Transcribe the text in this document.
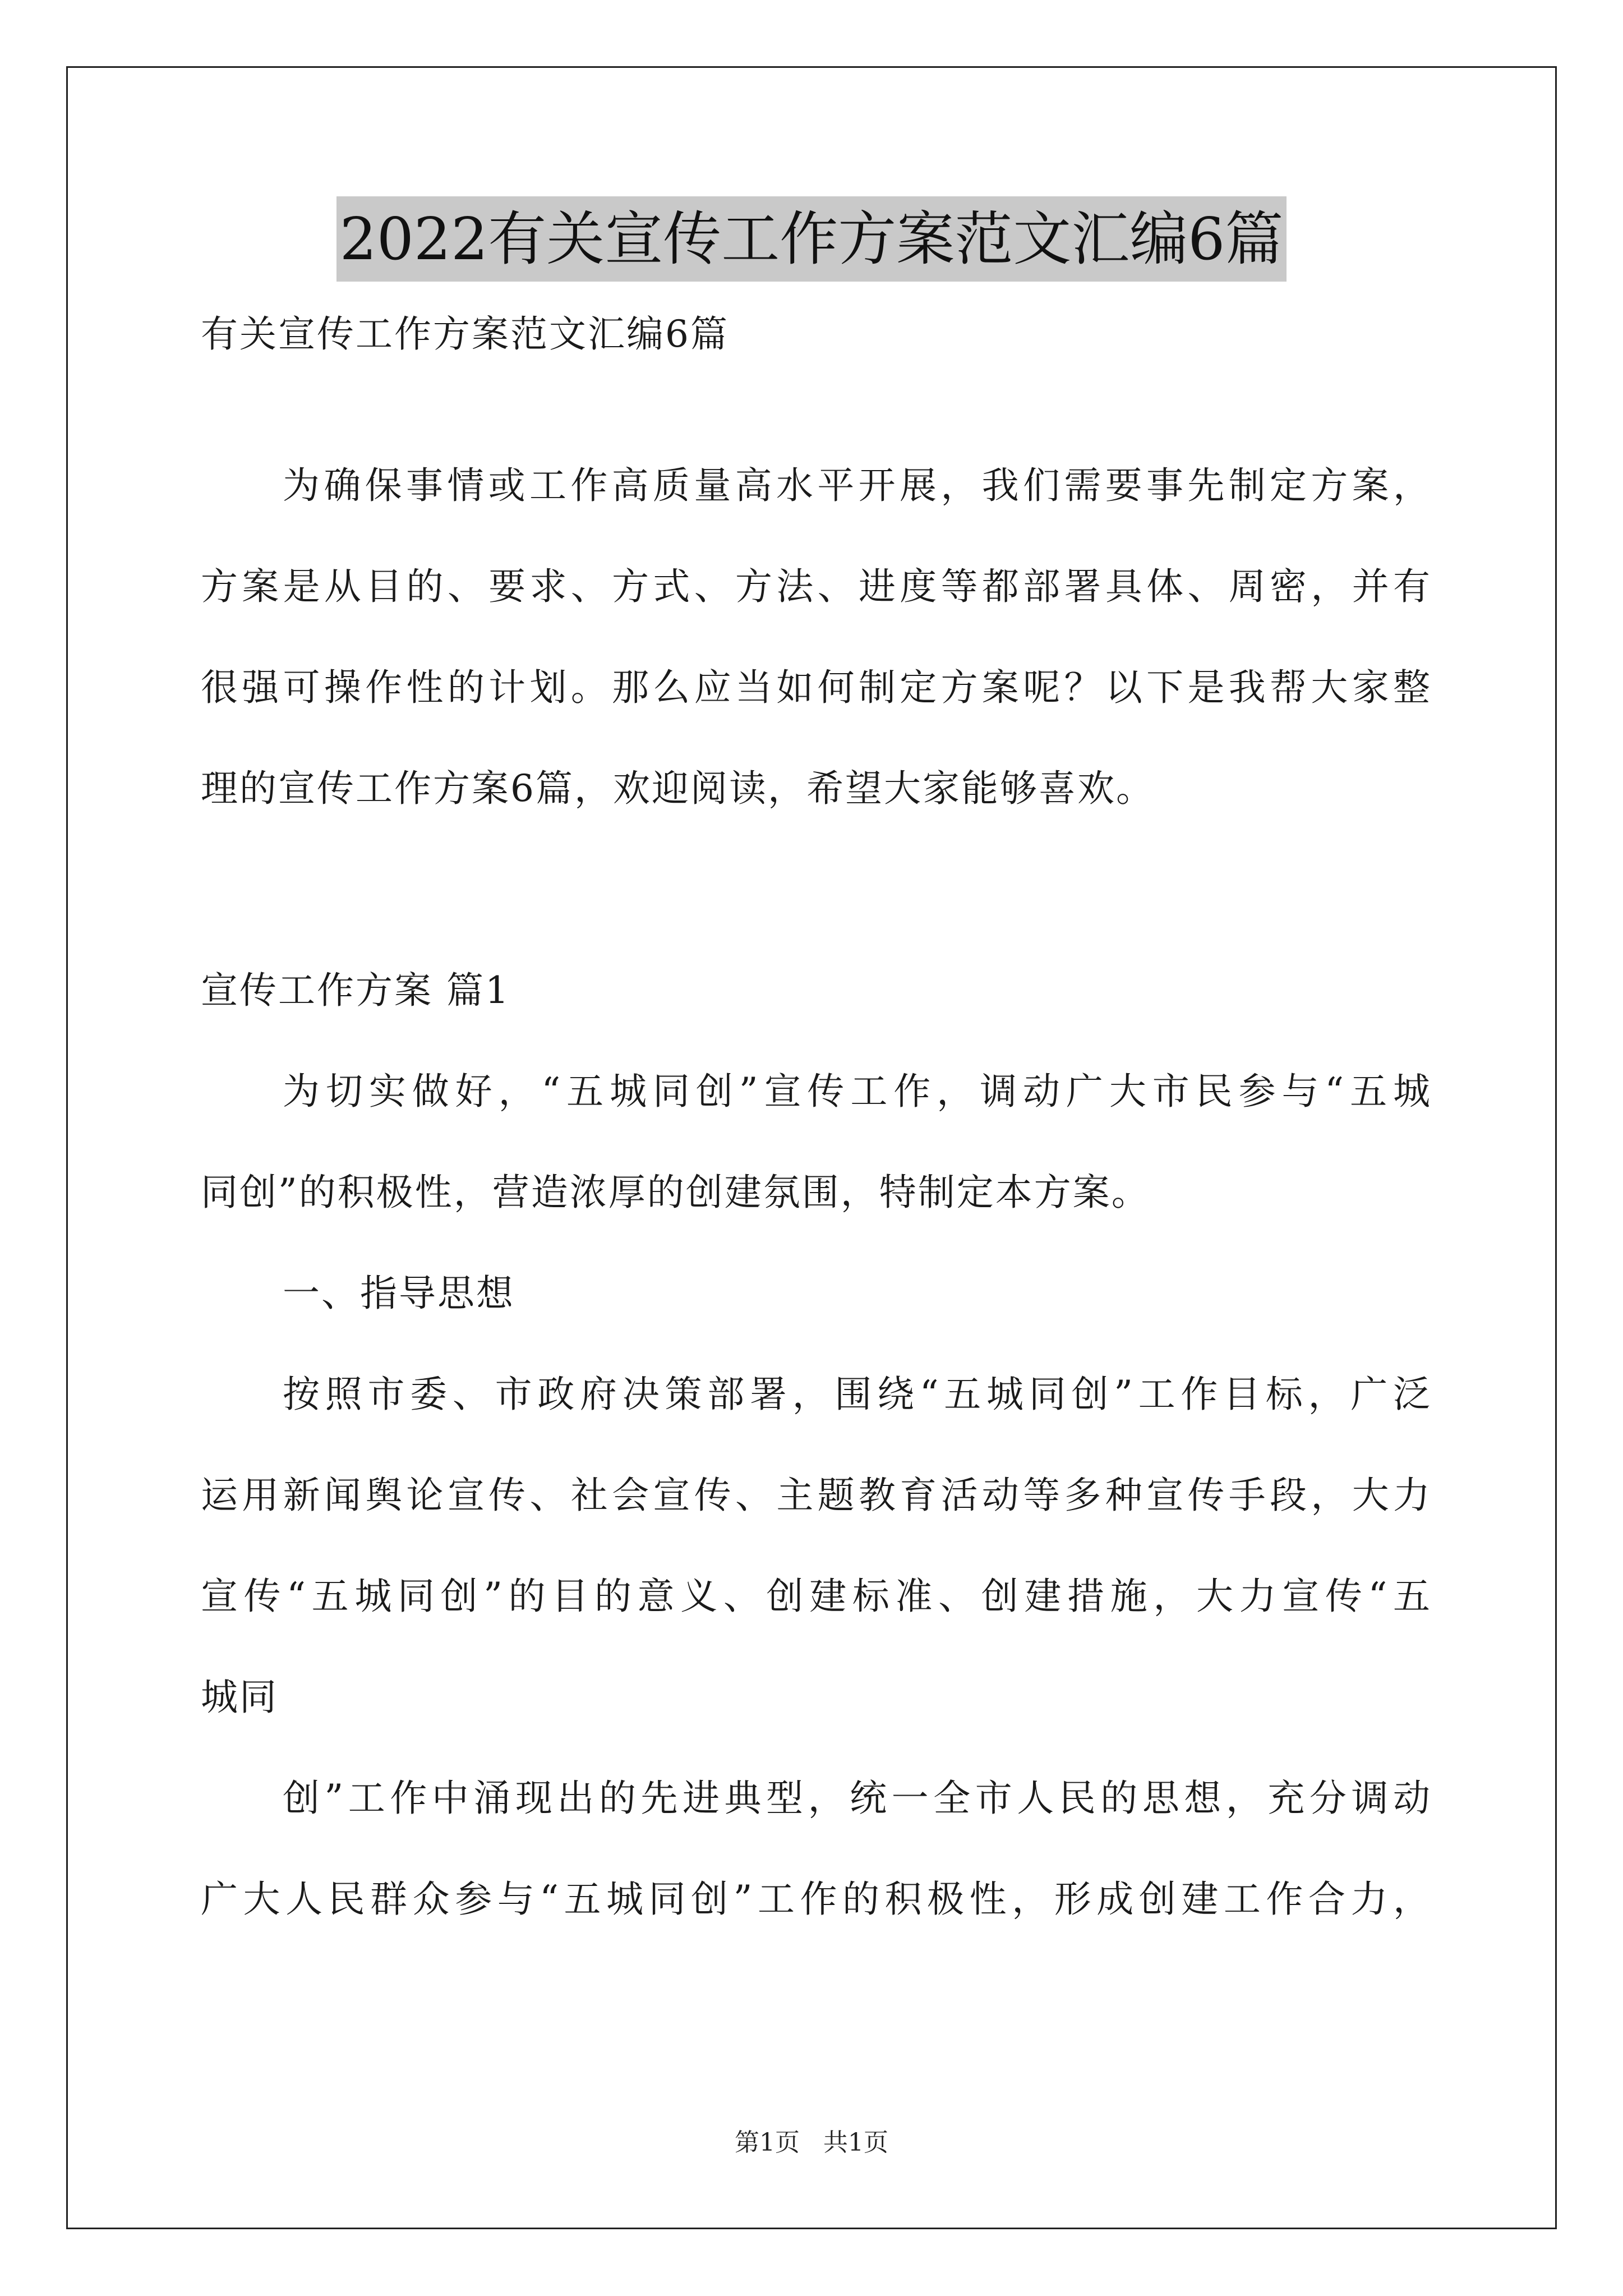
2022有关宣传工作方案范文汇编6篇
有关宣传工作方案范文汇编6篇
为确保事情或工作高质量高水平开展，我们需要事先制定方案，
方案是从目的、要求、方式、方法、进度等都部署具体、周密，并有
很强可操作性的计划。那么应当如何制定方案呢？以下是我帮大家整
理的宣传工作方案6篇，欢迎阅读，希望大家能够喜欢。
宣传工作方案 篇1
为切实做好，“五城同创”宣传工作，调动广大市民参与“五城
同创”的积极性，营造浓厚的创建氛围，特制定本方案。
一、指导思想
按照市委、市政府决策部署，围绕“五城同创”工作目标，广泛
运用新闻舆论宣传、社会宣传、主题教育活动等多种宣传手段，大力
宣传“五城同创”的目的意义、创建标准、创建措施，大力宣传“五
城同
创”工作中涌现出的先进典型，统一全市人民的思想，充分调动
广大人民群众参与“五城同创”工作的积极性，形成创建工作合力，
第1页 共1页
